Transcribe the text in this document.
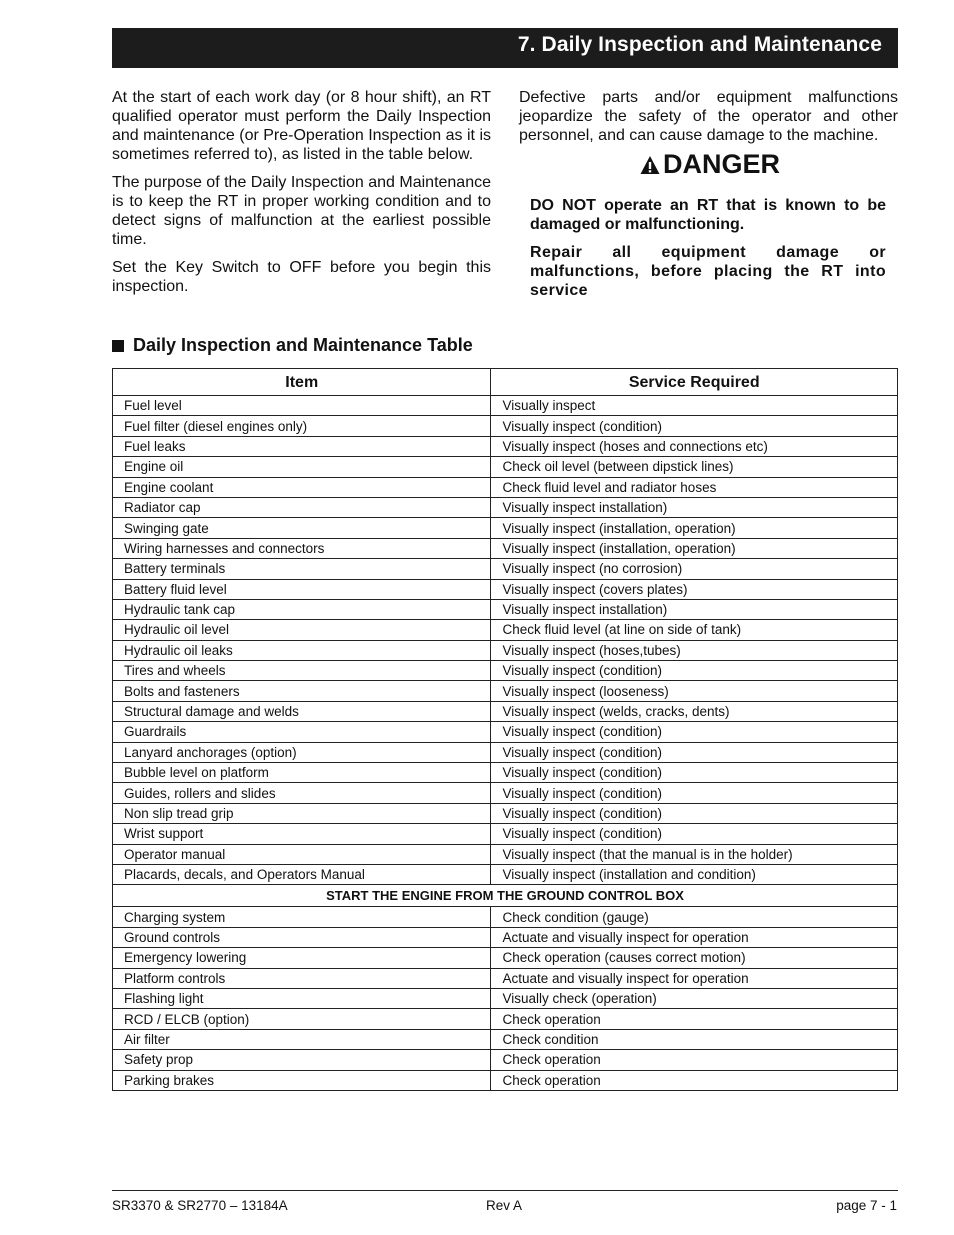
7. Daily Inspection and Maintenance

At the start of each work day (or 8 hour shift), an RT qualified operator must perform the Daily Inspection and maintenance (or Pre-Operation Inspection as it is sometimes referred to), as listed in the table below.

The purpose of the Daily Inspection and Maintenance is to keep the RT in proper working condition and to detect signs of malfunction at the earliest possible time.

Set the Key Switch to OFF before you begin this inspection.

Defective parts and/or equipment malfunctions jeopardize the safety of the operator and other personnel, and can cause damage to the machine.

DANGER

DO NOT operate an RT that is known to be damaged or malfunctioning.

Repair all equipment damage or malfunctions, before placing the RT into service

Daily Inspection and Maintenance Table
Item	Service Required
Fuel level	Visually inspect
Fuel filter (diesel engines only)	Visually inspect (condition)
Fuel leaks	Visually inspect (hoses and connections etc)
Engine oil	Check oil level (between dipstick lines)
Engine coolant	Check fluid level and radiator hoses
Radiator cap	Visually inspect installation)
Swinging gate	Visually inspect (installation, operation)
Wiring harnesses and connectors	Visually inspect (installation, operation)
Battery terminals	Visually inspect (no corrosion)
Battery fluid level	Visually inspect (covers plates)
Hydraulic tank cap	Visually inspect installation)
Hydraulic oil level	Check fluid level (at line on side of tank)
Hydraulic oil leaks	Visually inspect (hoses,tubes)
Tires and wheels	Visually inspect (condition)
Bolts and fasteners	Visually inspect (looseness)
Structural damage and welds	Visually inspect (welds, cracks, dents)
Guardrails	Visually inspect (condition)
Lanyard anchorages (option)	Visually inspect (condition)
Bubble level on platform	Visually inspect (condition)
Guides, rollers and slides	Visually inspect (condition)
Non slip tread grip	Visually inspect (condition)
Wrist support	Visually inspect (condition)
Operator manual	Visually inspect (that the manual is in the holder)
Placards, decals, and Operators Manual	Visually inspect (installation and condition)
START THE ENGINE FROM THE GROUND CONTROL BOX	
Charging system	Check condition (gauge)
Ground controls	Actuate and visually inspect for operation
Emergency lowering	Check operation (causes correct motion)
Platform controls	Actuate and visually inspect for operation
Flashing light	Visually check (operation)
RCD / ELCB (option)	Check operation
Air filter	Check condition
Safety prop	Check operation
Parking brakes	Check operation
SR3370 & SR2770 – 13184A	Rev A	page 7 - 1
